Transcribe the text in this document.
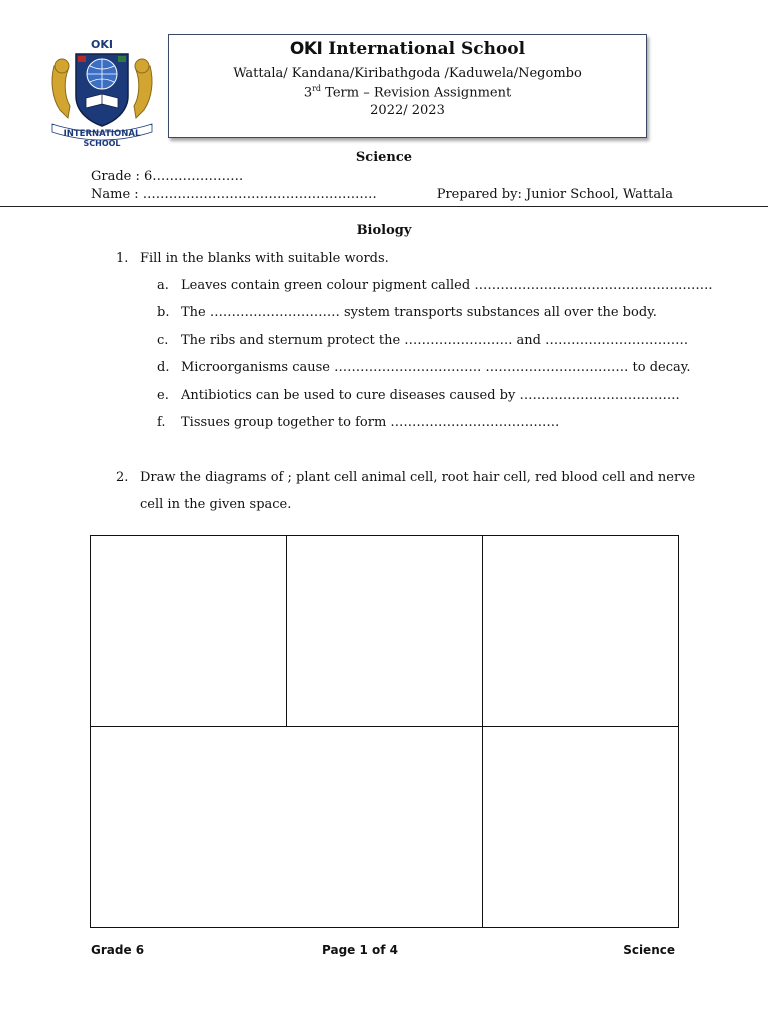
OKI
INTERNATIONAL
SCHOOL
OKI International School
Wattala/ Kandana/Kiribathgoda /Kaduwela/Negombo
3rd Term – Revision Assignment
2022/ 2023
Science
Grade : 6…………………
Name : ………………………………………………	Prepared by: Junior School, Wattala
Biology
1. Fill in the blanks with suitable words.
a. Leaves contain green colour pigment called ……………………………………………….
b. The ………………………… system transports substances all over the body.
c. The ribs and sternum protect the ……………………. and ……………………………
d. Microorganisms cause ……………………………. …………………………… to decay.
e. Antibiotics can be used to cure diseases caused by ……………………………….
f. Tissues group together to form …………………………………
2. Draw the diagrams of ; plant cell animal cell, root hair cell, red blood cell and nerve
cell in the given space.
Grade 6	Page 1 of 4	Science
